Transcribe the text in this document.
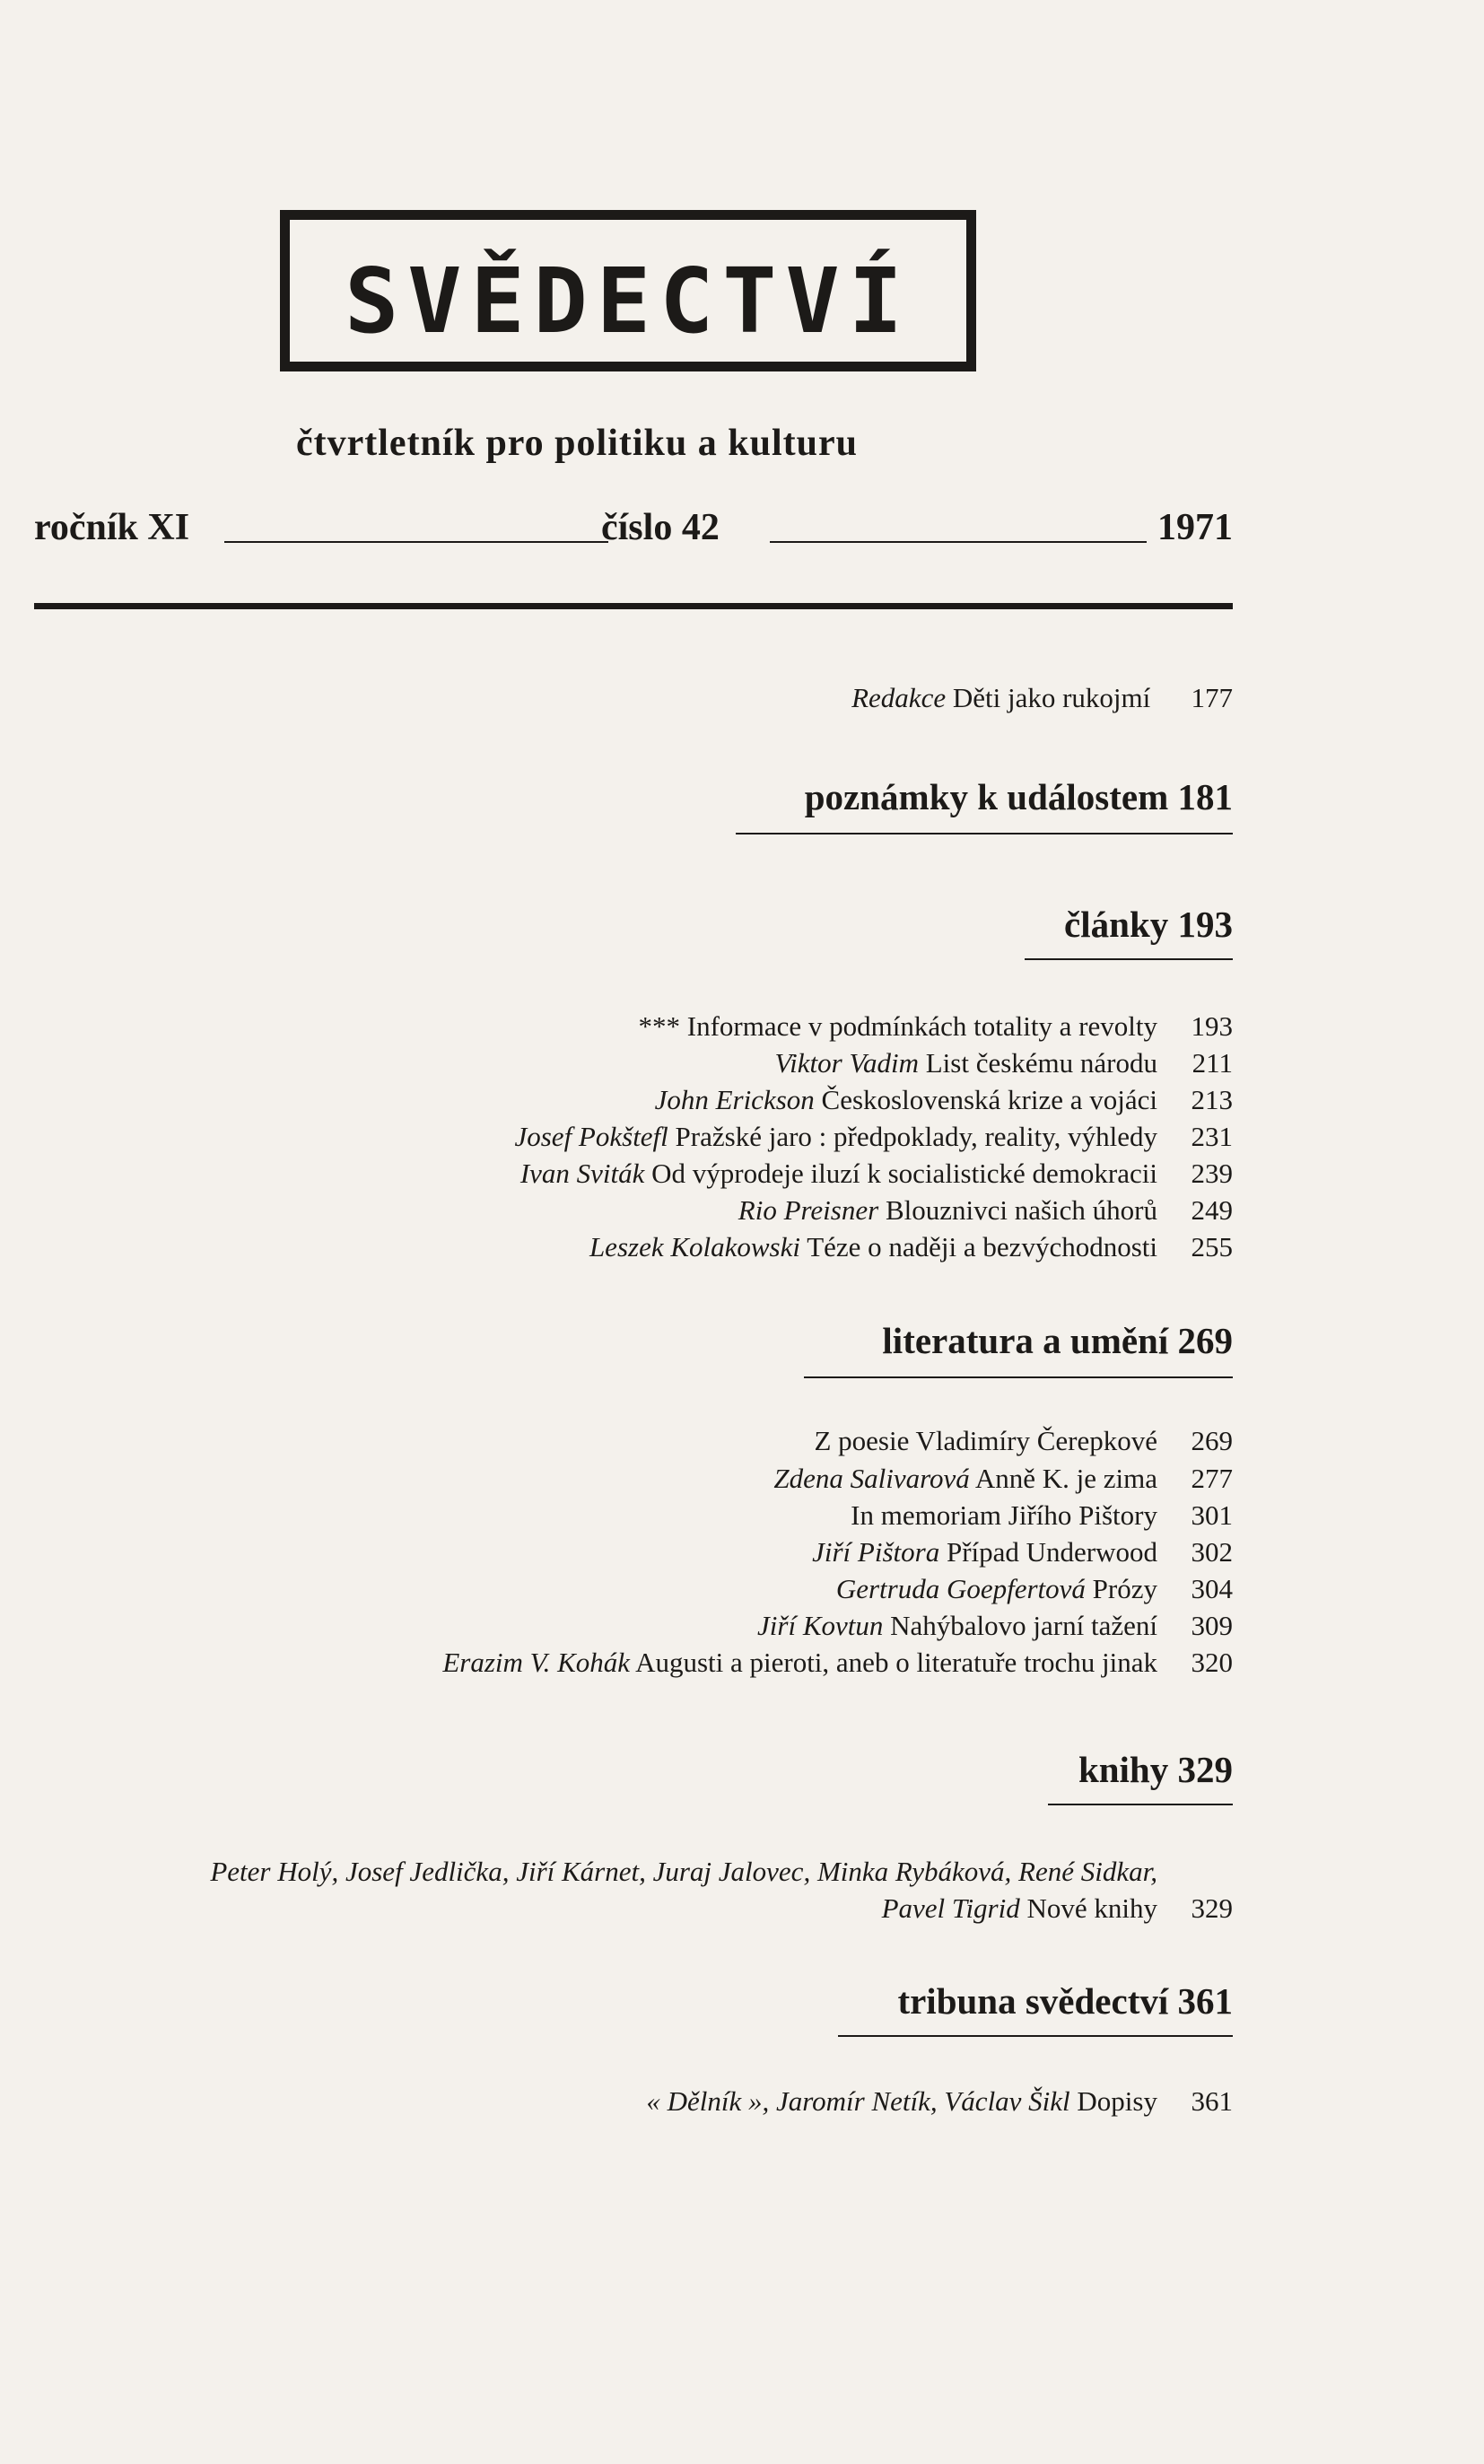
SVĚDECTVÍ
čtvrtletník pro politiku a kulturu
ročník XI	číslo 42	1971
Redakce Děti jako rukojmí 177
poznámky k událostem 181
články 193
*** Informace v podmínkách totality a revolty 193
Viktor Vadim List českému národu 211
John Erickson Československá krize a vojáci 213
Josef Pokštefl Pražské jaro : předpoklady, reality, výhledy 231
Ivan Sviták Od výprodeje iluzí k socialistické demokracii 239
Rio Preisner Blouznivci našich úhorů 249
Leszek Kolakowski Téze o naději a bezvýchodnosti 255
literatura a umění 269
Z poesie Vladimíry Čerepkové 269
Zdena Salivarová Anně K. je zima 277
In memoriam Jiřího Pištory 301
Jiří Pištora Případ Underwood 302
Gertruda Goepfertová Prózy 304
Jiří Kovtun Nahýbalovo jarní tažení 309
Erazim V. Kohák Augusti a pieroti, aneb o literatuře trochu jinak 320
knihy 329
Peter Holý, Josef Jedlička, Jiří Kárnet, Juraj Jalovec, Minka Rybáková, René Sidkar,
Pavel Tigrid Nové knihy 329
tribuna svědectví 361
« Dělník », Jaromír Netík, Václav Šikl Dopisy 361
